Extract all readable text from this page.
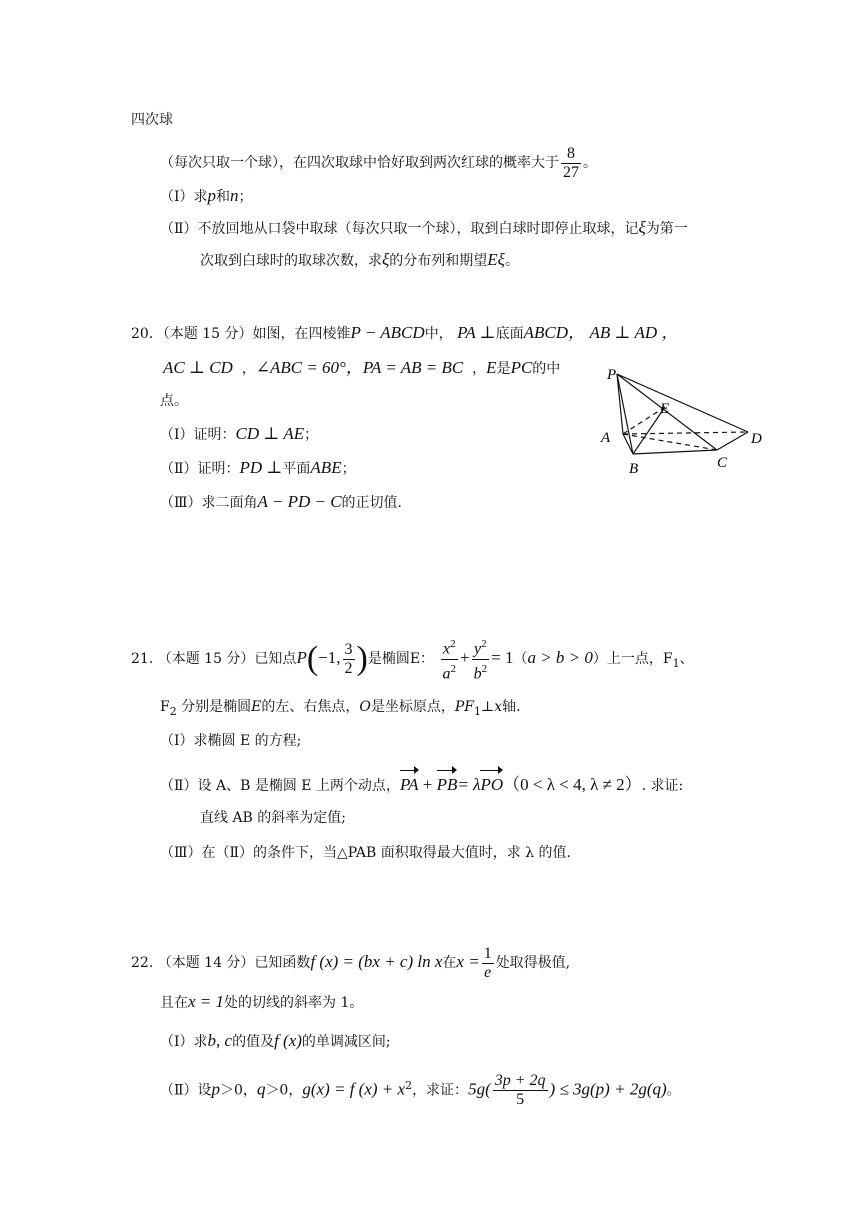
四次球
（每次只取一个球），在四次取球中恰好取到两次红球的概率大于 $\frac{8}{27}$ 。
（Ⅰ）求p和n；
（Ⅱ）不放回地从口袋中取球（每次只取一个球），取到白球时即停止取球，记ξ为第一
次取到白球时的取球次数，求ξ的分布列和期望Eξ。
20．（本题 15 分）如图，在四棱锥P − ABCD中， PA ⊥底面ABCD， AB ⊥ AD ，
AC ⊥ CD ，∠ABC = 60°，PA = AB = BC ，E是PC的中
点。
（Ⅰ）证明：CD ⊥ AE；
（Ⅱ）证明：PD ⊥平面ABE；
（Ⅲ）求二面角A − PD − C的正切值.
P
E
A	D
B	C
21. （本题 15 分）已知点P(−1, $\frac{3}{2}$ )是椭圆E： $\frac{x^2}{a^2} + \frac{y^2}{b^2} = 1(a > b > 0)$上一点，$F_1$、
$F_2$ 分别是椭圆E的左、右焦点，O是坐标原点，$PF_1\perp x$轴.
（Ⅰ）求椭圆 E 的方程;
（Ⅱ）设 A、B 是椭圆 E 上两个动点，PA + PB= λPO（0 < λ < 4, λ ≠ 2）. 求证:
直线 AB 的斜率为定值;
（Ⅲ）在（Ⅱ）的条件下，当△PAB 面积取得最大值时，求 λ 的值.
22. （本题 14 分）已知函数f (x) = (bx + c) ln x在$x = \frac{1}{e}$ 处取得极值,
且在x = 1处的切线的斜率为 1。
（Ⅰ）求b, c的值及f (x)的单调减区间;
（Ⅱ）设p＞0，q＞0，g(x) = f $(x) + x^2$，求证：$5g( \frac{3p + 2q}{5}$ ) ≤ 3g(p) + 2g(q)。
